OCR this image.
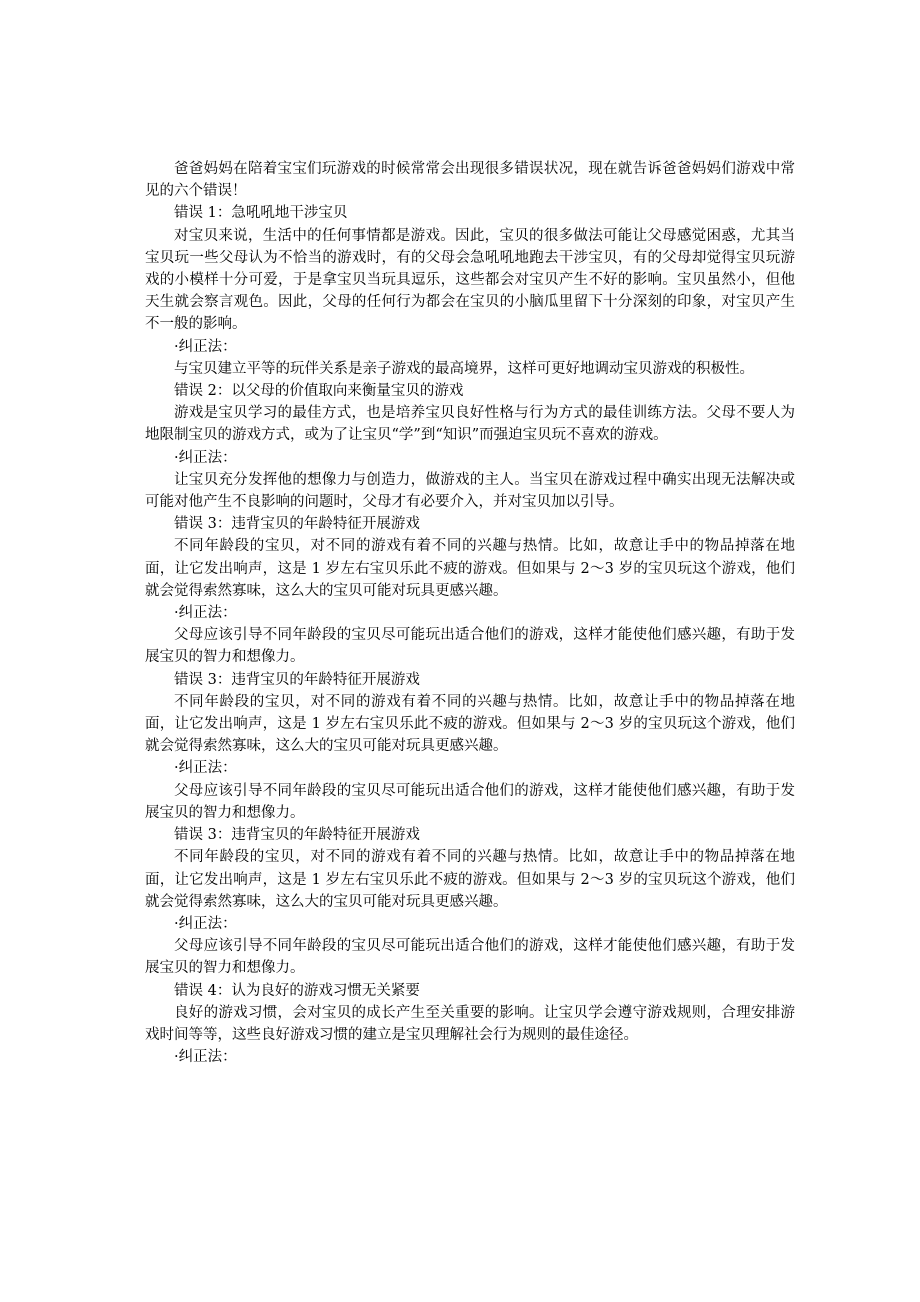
爸爸妈妈在陪着宝宝们玩游戏的时候常常会出现很多错误状况，现在就告诉爸爸妈妈们游戏中常见的六个错误！

错误 1：急吼吼地干涉宝贝

对宝贝来说，生活中的任何事情都是游戏。因此，宝贝的很多做法可能让父母感觉困惑，尤其当宝贝玩一些父母认为不恰当的游戏时，有的父母会急吼吼地跑去干涉宝贝，有的父母却觉得宝贝玩游戏的小模样十分可爱，于是拿宝贝当玩具逗乐，这些都会对宝贝产生不好的影响。宝贝虽然小，但他天生就会察言观色。因此，父母的任何行为都会在宝贝的小脑瓜里留下十分深刻的印象，对宝贝产生不一般的影响。

·纠正法：

与宝贝建立平等的玩伴关系是亲子游戏的最高境界，这样可更好地调动宝贝游戏的积极性。

错误 2：以父母的价值取向来衡量宝贝的游戏

游戏是宝贝学习的最佳方式，也是培养宝贝良好性格与行为方式的最佳训练方法。父母不要人为地限制宝贝的游戏方式，或为了让宝贝“学”到“知识”而强迫宝贝玩不喜欢的游戏。

·纠正法：

让宝贝充分发挥他的想像力与创造力，做游戏的主人。当宝贝在游戏过程中确实出现无法解决或可能对他产生不良影响的问题时，父母才有必要介入，并对宝贝加以引导。

错误 3：违背宝贝的年龄特征开展游戏

不同年龄段的宝贝，对不同的游戏有着不同的兴趣与热情。比如，故意让手中的物品掉落在地面，让它发出响声，这是 1 岁左右宝贝乐此不疲的游戏。但如果与 2～3 岁的宝贝玩这个游戏，他们就会觉得索然寡味，这么大的宝贝可能对玩具更感兴趣。

·纠正法：

父母应该引导不同年龄段的宝贝尽可能玩出适合他们的游戏，这样才能使他们感兴趣，有助于发展宝贝的智力和想像力。

错误 3：违背宝贝的年龄特征开展游戏

不同年龄段的宝贝，对不同的游戏有着不同的兴趣与热情。比如，故意让手中的物品掉落在地面，让它发出响声，这是 1 岁左右宝贝乐此不疲的游戏。但如果与 2～3 岁的宝贝玩这个游戏，他们就会觉得索然寡味，这么大的宝贝可能对玩具更感兴趣。

·纠正法：

父母应该引导不同年龄段的宝贝尽可能玩出适合他们的游戏，这样才能使他们感兴趣，有助于发展宝贝的智力和想像力。

错误 3：违背宝贝的年龄特征开展游戏

不同年龄段的宝贝，对不同的游戏有着不同的兴趣与热情。比如，故意让手中的物品掉落在地面，让它发出响声，这是 1 岁左右宝贝乐此不疲的游戏。但如果与 2～3 岁的宝贝玩这个游戏，他们就会觉得索然寡味，这么大的宝贝可能对玩具更感兴趣。

·纠正法：

父母应该引导不同年龄段的宝贝尽可能玩出适合他们的游戏，这样才能使他们感兴趣，有助于发展宝贝的智力和想像力。

错误 4：认为良好的游戏习惯无关紧要

良好的游戏习惯，会对宝贝的成长产生至关重要的影响。让宝贝学会遵守游戏规则，合理安排游戏时间等等，这些良好游戏习惯的建立是宝贝理解社会行为规则的最佳途径。

·纠正法：
